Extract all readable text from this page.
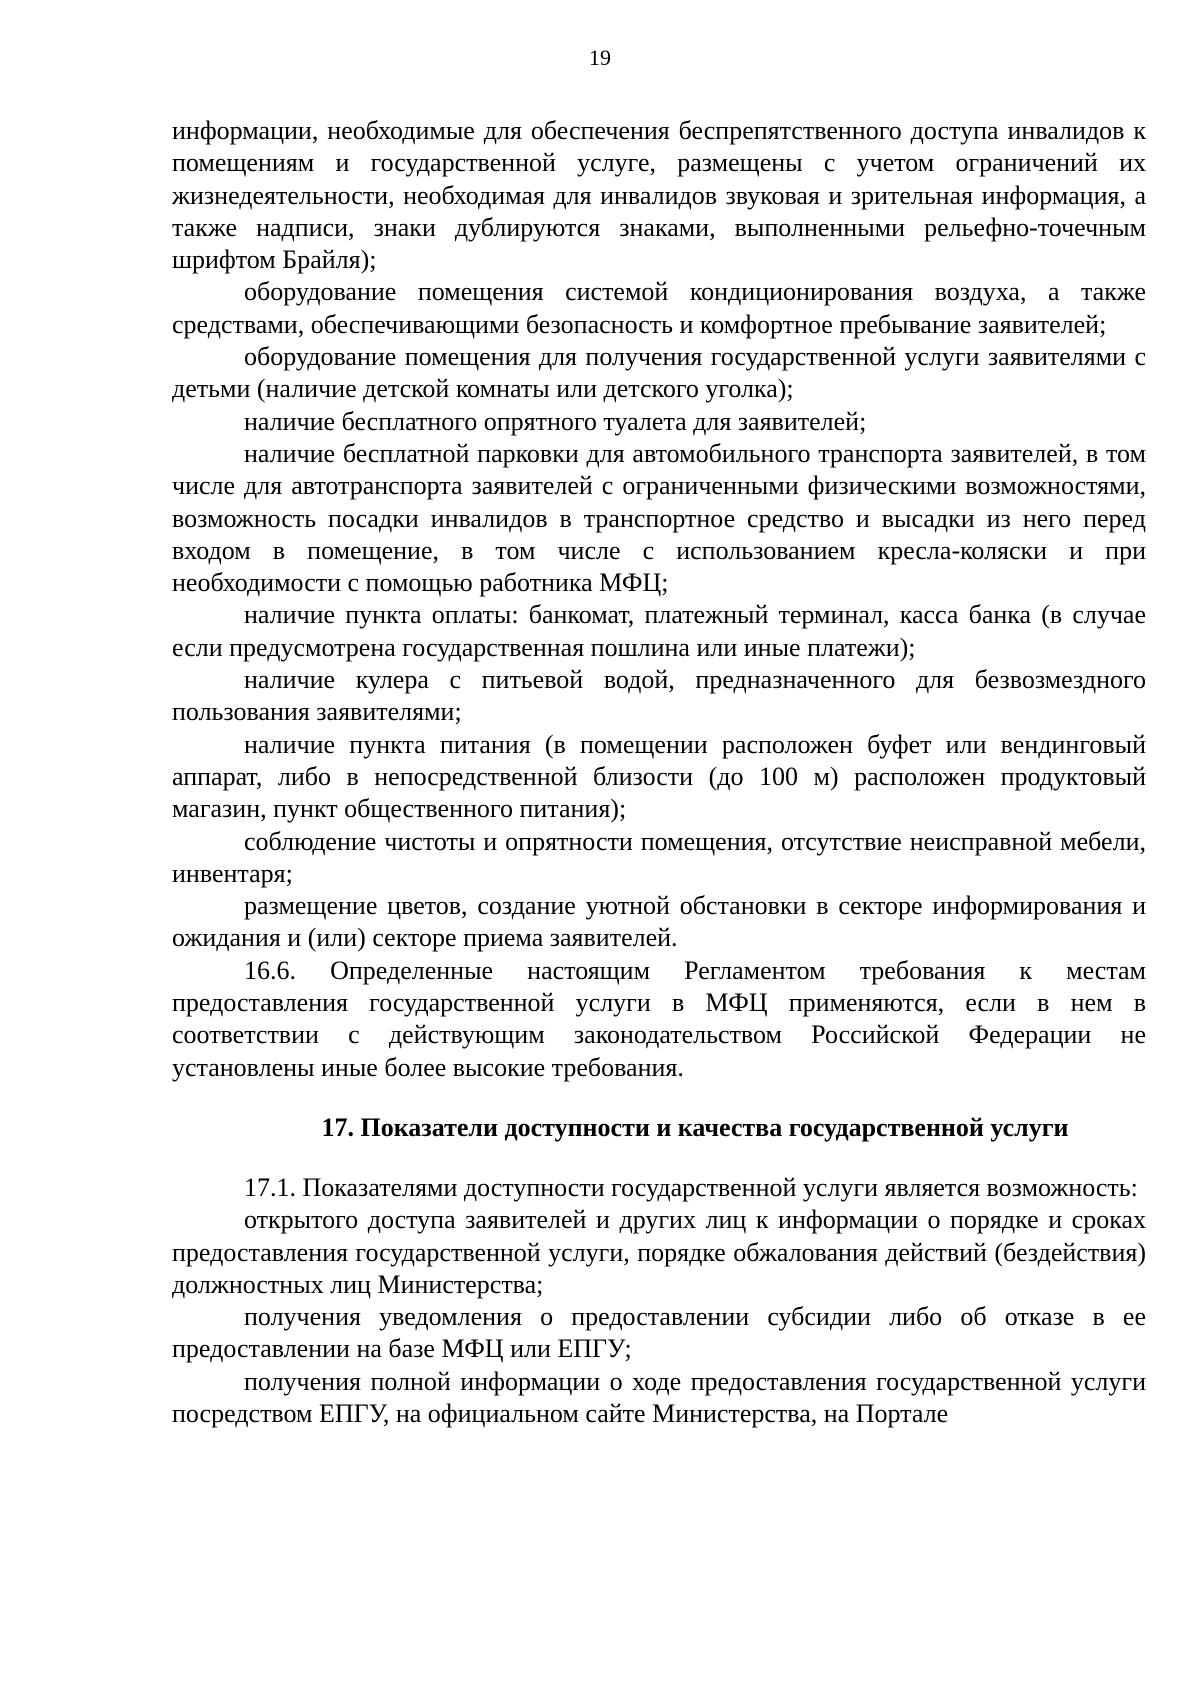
19

информации, необходимые для обеспечения беспрепятственного доступа инвалидов к помещениям и государственной услуге, размещены с учетом ограничений их жизнедеятельности, необходимая для инвалидов звуковая и зрительная информация, а также надписи, знаки дублируются знаками, выполненными рельефно-точечным шрифтом Брайля);

оборудование помещения системой кондиционирования воздуха, а также средствами, обеспечивающими безопасность и комфортное пребывание заявителей;

оборудование помещения для получения государственной услуги заявителями с детьми (наличие детской комнаты или детского уголка);

наличие бесплатного опрятного туалета для заявителей;

наличие бесплатной парковки для автомобильного транспорта заявителей, в том числе для автотранспорта заявителей с ограниченными физическими возможностями, возможность посадки инвалидов в транспортное средство и высадки из него перед входом в помещение, в том числе с использованием кресла-коляски и при необходимости с помощью работника МФЦ;

наличие пункта оплаты: банкомат, платежный терминал, касса банка (в случае если предусмотрена государственная пошлина или иные платежи);

наличие кулера с питьевой водой, предназначенного для безвозмездного пользования заявителями;

наличие пункта питания (в помещении расположен буфет или вендинговый аппарат, либо в непосредственной близости (до 100 м) расположен продуктовый магазин, пункт общественного питания);

соблюдение чистоты и опрятности помещения, отсутствие неисправной мебели, инвентаря;

размещение цветов, создание уютной обстановки в секторе информирования и ожидания и (или) секторе приема заявителей.

16.6. Определенные настоящим Регламентом требования к местам предоставления государственной услуги в МФЦ применяются, если в нем в соответствии с действующим законодательством Российской Федерации не установлены иные более высокие требования.

17. Показатели доступности и качества государственной услуги

17.1. Показателями доступности государственной услуги является возможность:

открытого доступа заявителей и других лиц к информации о порядке и сроках предоставления государственной услуги, порядке обжалования действий (бездействия) должностных лиц Министерства;

получения уведомления о предоставлении субсидии либо об отказе в ее предоставлении на базе МФЦ или ЕПГУ;

получения полной информации о ходе предоставления государственной услуги посредством ЕПГУ, на официальном сайте Министерства, на Портале
